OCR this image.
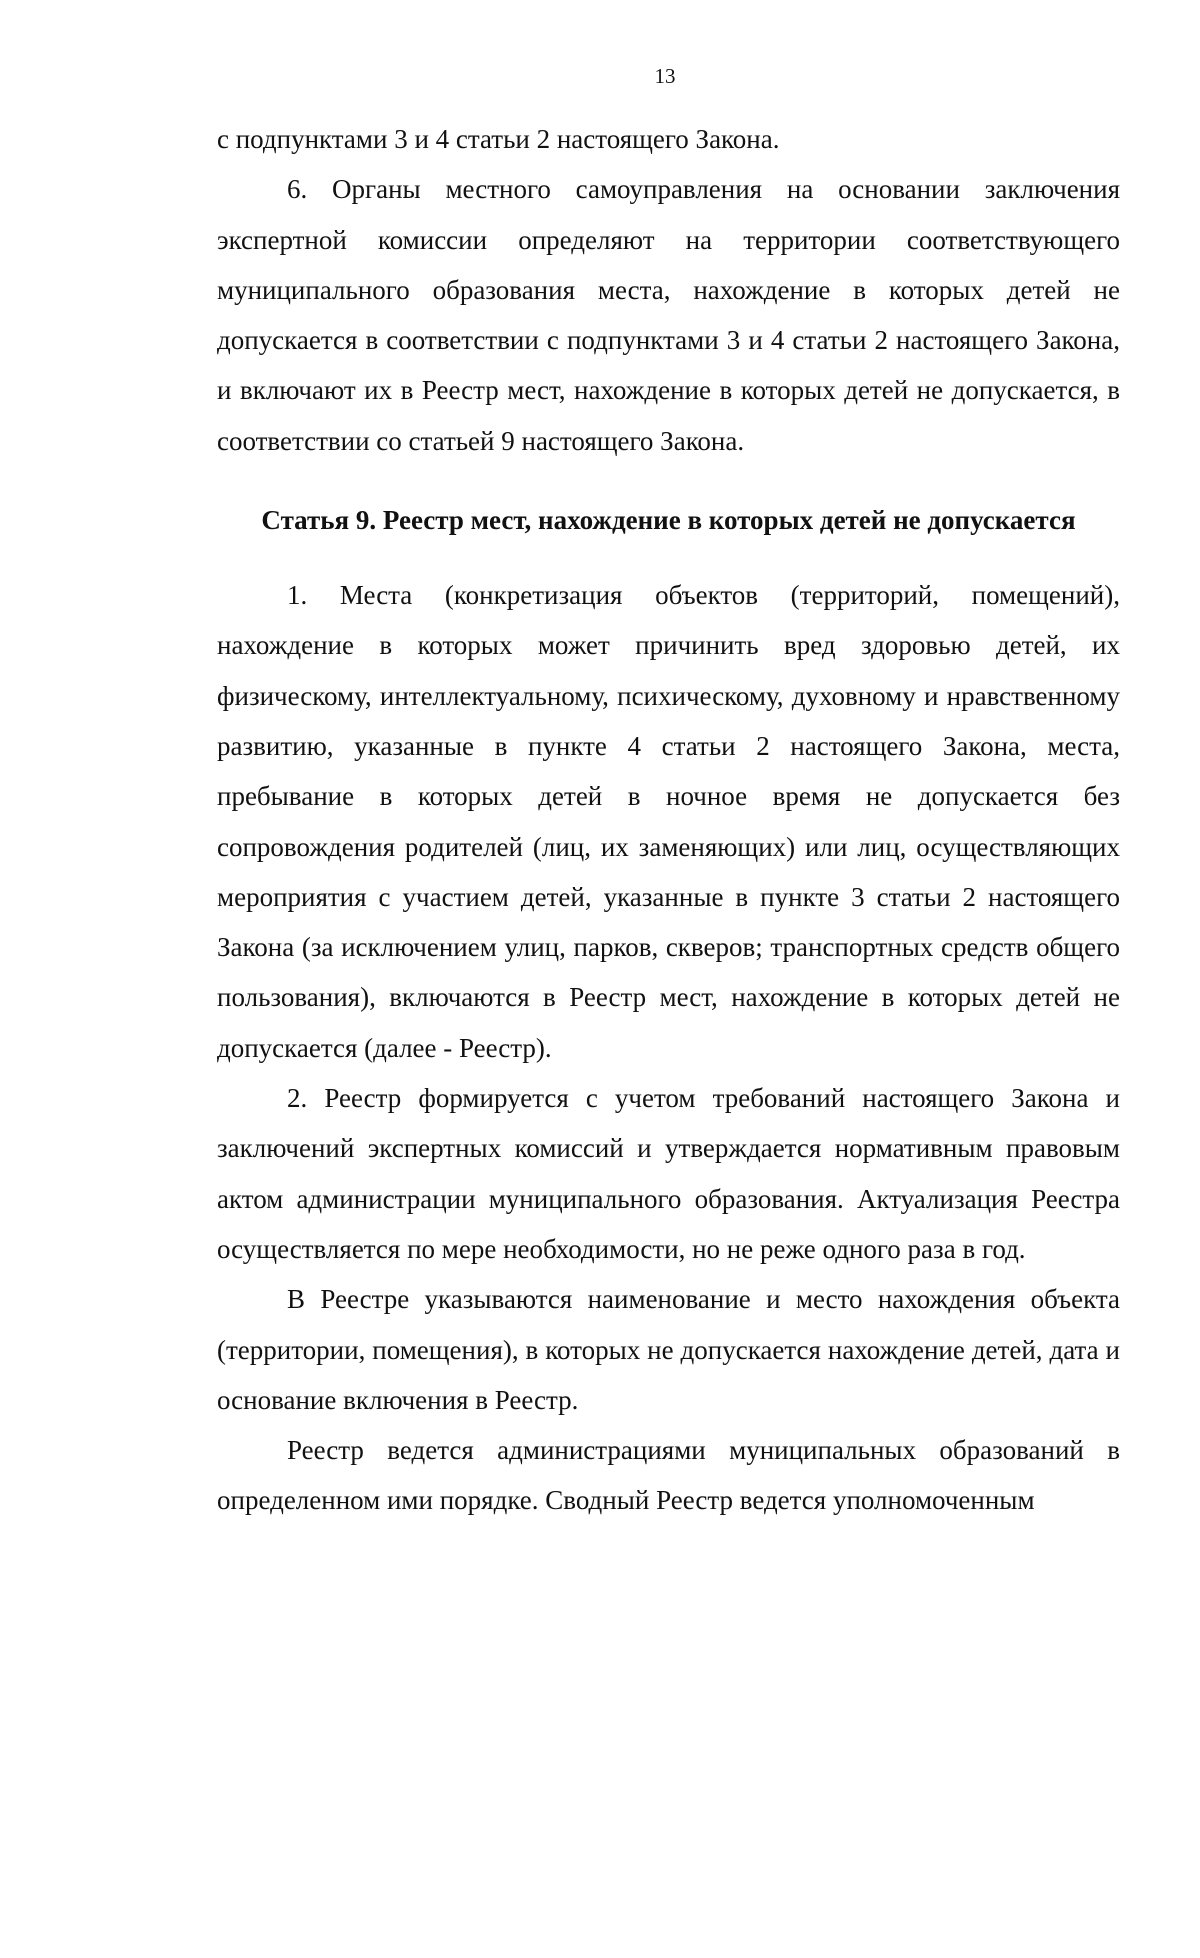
13

с подпунктами 3 и 4 статьи 2 настоящего Закона.

6. Органы местного самоуправления на основании заключения экспертной комиссии определяют на территории соответствующего муниципального образования места, нахождение в которых детей не допускается в соответствии с подпунктами 3 и 4 статьи 2 настоящего Закона, и включают их в Реестр мест, нахождение в которых детей не допускается, в соответствии со статьей 9 настоящего Закона.

Статья 9. Реестр мест, нахождение в которых детей не допускается

1. Места (конкретизация объектов (территорий, помещений), нахождение в которых может причинить вред здоровью детей, их физическому, интеллектуальному, психическому, духовному и нравственному развитию, указанные в пункте 4 статьи 2 настоящего Закона, места, пребывание в которых детей в ночное время не допускается без сопровождения родителей (лиц, их заменяющих) или лиц, осуществляющих мероприятия с участием детей, указанные в пункте 3 статьи 2 настоящего Закона (за исключением улиц, парков, скверов; транспортных средств общего пользования), включаются в Реестр мест, нахождение в которых детей не допускается (далее - Реестр).

2. Реестр формируется с учетом требований настоящего Закона и заключений экспертных комиссий и утверждается нормативным правовым актом администрации муниципального образования. Актуализация Реестра осуществляется по мере необходимости, но не реже одного раза в год.

В Реестре указываются наименование и место нахождения объекта (территории, помещения), в которых не допускается нахождение детей, дата и основание включения в Реестр.

Реестр ведется администрациями муниципальных образований в определенном ими порядке. Сводный Реестр ведется уполномоченным
